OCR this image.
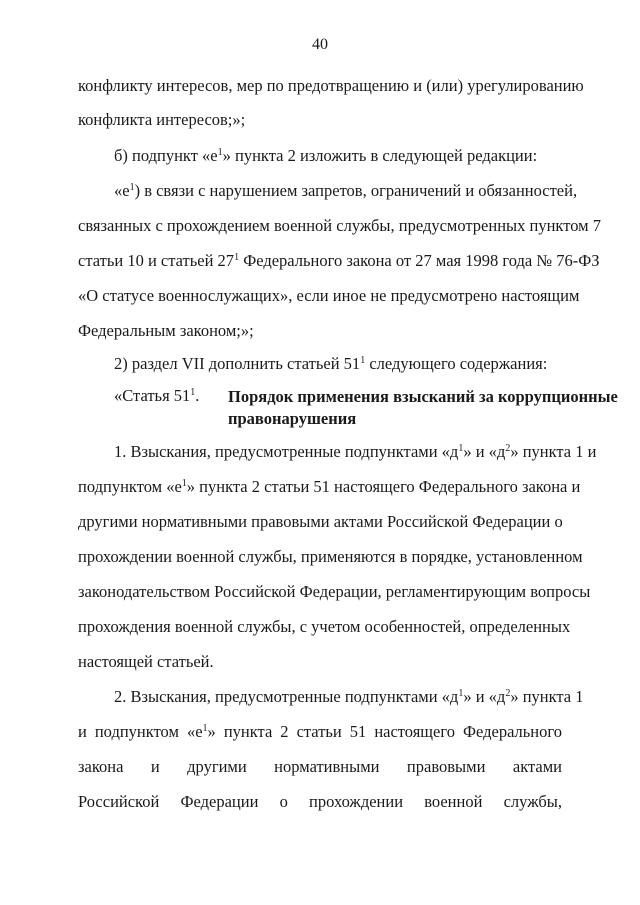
40
конфликту интересов, мер по предотвращению и (или) урегулированию
конфликта интересов;»;
б) подпункт «$е^1$» пункта 2 изложить в следующей редакции:
«$е^1$) в связи с нарушением запретов, ограничений и обязанностей,
связанных с прохождением военной службы, предусмотренных пунктом 7
статьи 10 и статьей $27^1$ Федерального закона от 27 мая 1998 года № 76-ФЗ
«О статусе военнослужащих», если иное не предусмотрено настоящим
Федеральным законом;»;
2) раздел VII дополнить статьей $51^1$ следующего содержания:
«Статья $51^1$. Порядок применения взысканий за коррупционные
правонарушения
1. Взыскания, предусмотренные подпунктами «$д^1$» и «$д^2$» пункта 1 и
подпунктом «$е^1$» пункта 2 статьи 51 настоящего Федерального закона и
другими нормативными правовыми актами Российской Федерации о
прохождении военной службы, применяются в порядке, установленном
законодательством Российской Федерации, регламентирующим вопросы
прохождения военной службы, с учетом особенностей, определенных
настоящей статьей.
2. Взыскания, предусмотренные подпунктами «$д^1$» и «$д^2$» пункта 1
и подпунктом «$е^1$» пункта 2 статьи 51 настоящего Федерального
закона и другими нормативными правовыми актами
Российской Федерации о прохождении военной службы,
